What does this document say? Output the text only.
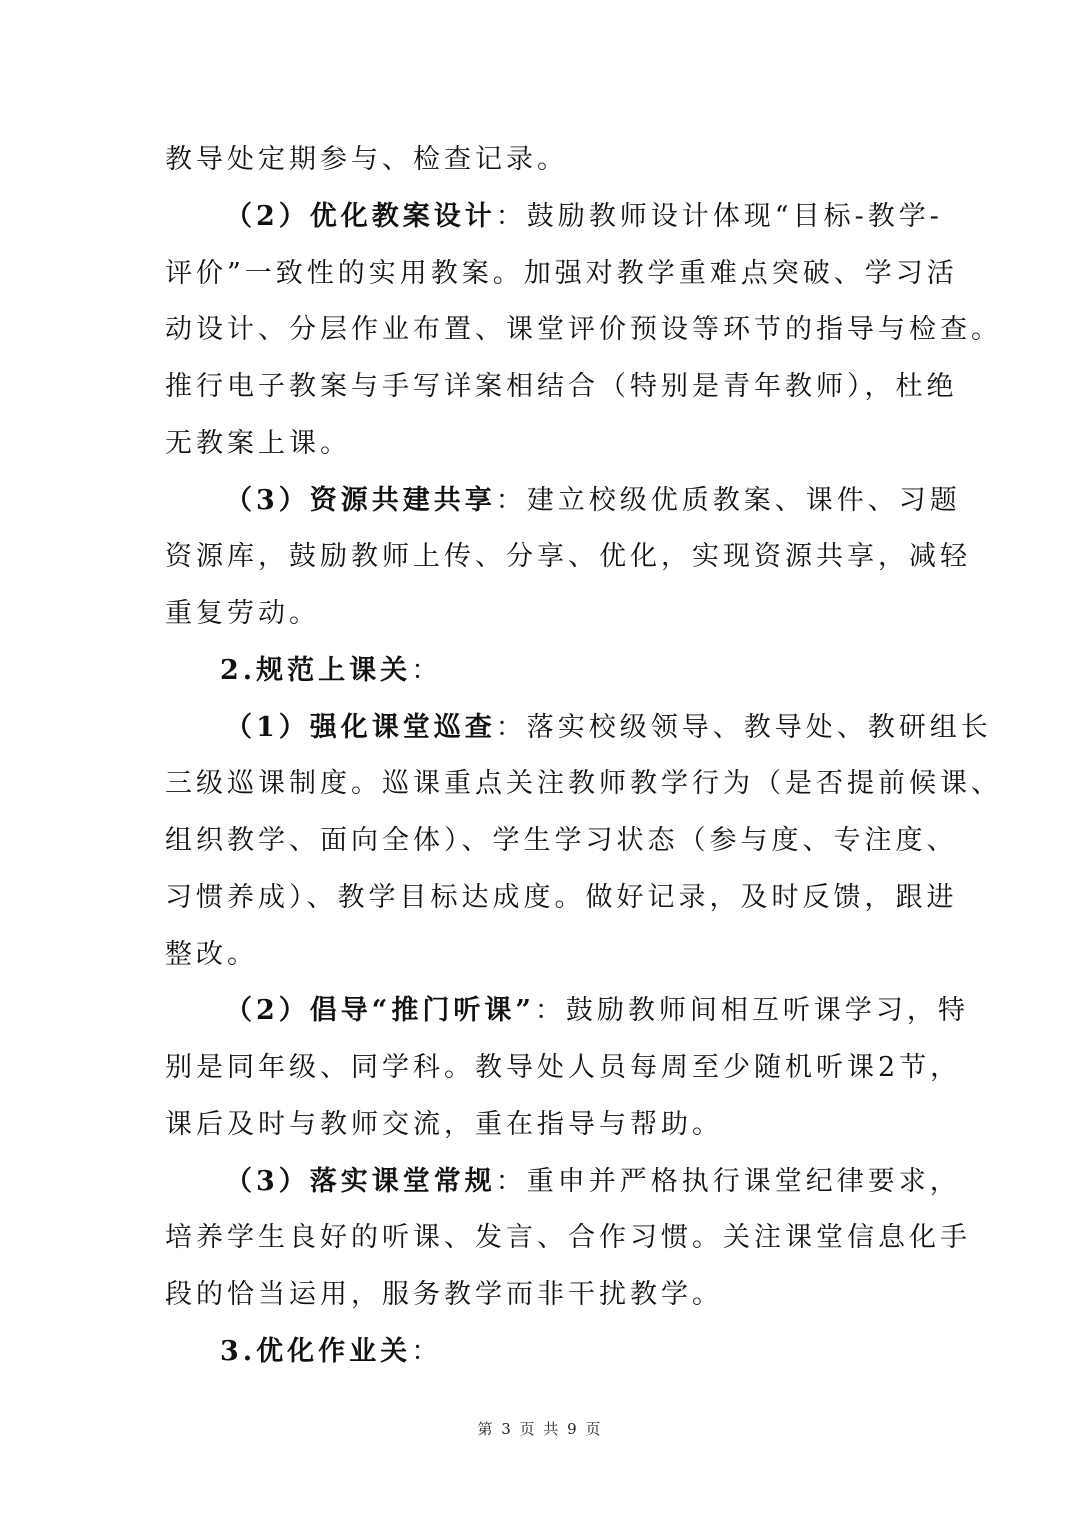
教导处定期参与、检查记录。
（2）优化教案设计：鼓励教师设计体现“目标-教学-
评价”一致性的实用教案。加强对教学重难点突破、学习活
动设计、分层作业布置、课堂评价预设等环节的指导与检查。
推行电子教案与手写详案相结合（特别是青年教师），杜绝
无教案上课。
（3）资源共建共享：建立校级优质教案、课件、习题
资源库，鼓励教师上传、分享、优化，实现资源共享，减轻
重复劳动。
2.规范上课关：
（1）强化课堂巡查：落实校级领导、教导处、教研组长
三级巡课制度。巡课重点关注教师教学行为（是否提前候课、
组织教学、面向全体）、学生学习状态（参与度、专注度、
习惯养成）、教学目标达成度。做好记录，及时反馈，跟进
整改。
（2）倡导“推门听课”：鼓励教师间相互听课学习，特
别是同年级、同学科。教导处人员每周至少随机听课2节，
课后及时与教师交流，重在指导与帮助。
（3）落实课堂常规：重申并严格执行课堂纪律要求，
培养学生良好的听课、发言、合作习惯。关注课堂信息化手
段的恰当运用，服务教学而非干扰教学。
3.优化作业关：
第 3 页 共 9 页
